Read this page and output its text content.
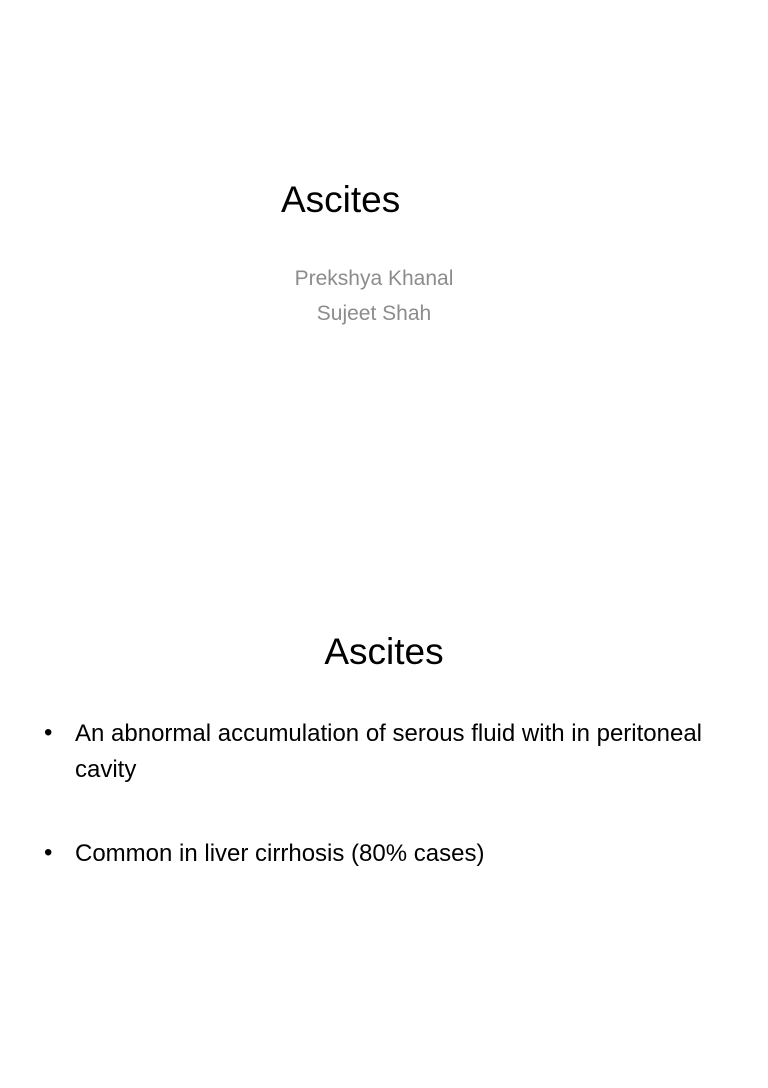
Ascites
Prekshya Khanal
Sujeet Shah
Ascites
• An abnormal accumulation of serous fluid with in peritoneal cavity
• Common in liver cirrhosis (80% cases)
